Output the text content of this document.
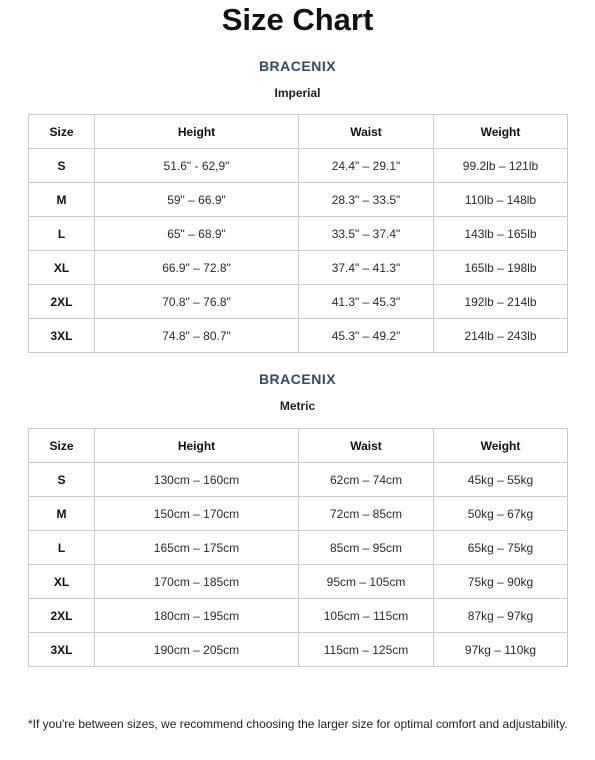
Size Chart
BRACENIX
Imperial
Size	Height	Waist	Weight
S	51.6" - 62,9"	24.4" – 29.1"	99.2lb – 121lb
M	59" – 66.9"	28.3" – 33.5"	110lb – 148lb
L	65" – 68.9"	33.5" – 37.4"	143lb – 165lb
XL	66.9" – 72.8"	37.4" – 41.3"	165lb – 198lb
2XL	70.8" – 76.8"	41.3" – 45.3"	192lb – 214lb
3XL	74.8" – 80.7"	45.3" – 49.2"	214lb – 243lb
BRACENIX
Metric
Size	Height	Waist	Weight
S	130cm – 160cm	62cm – 74cm	45kg – 55kg
M	150cm – 170cm	72cm – 85cm	50kg – 67kg
L	165cm – 175cm	85cm – 95cm	65kg – 75kg
XL	170cm – 185cm	95cm – 105cm	75kg – 90kg
2XL	180cm – 195cm	105cm – 115cm	87kg – 97kg
3XL	190cm – 205cm	115cm – 125cm	97kg – 110kg
*If you're between sizes, we recommend choosing the larger size for optimal comfort and adjustability.
